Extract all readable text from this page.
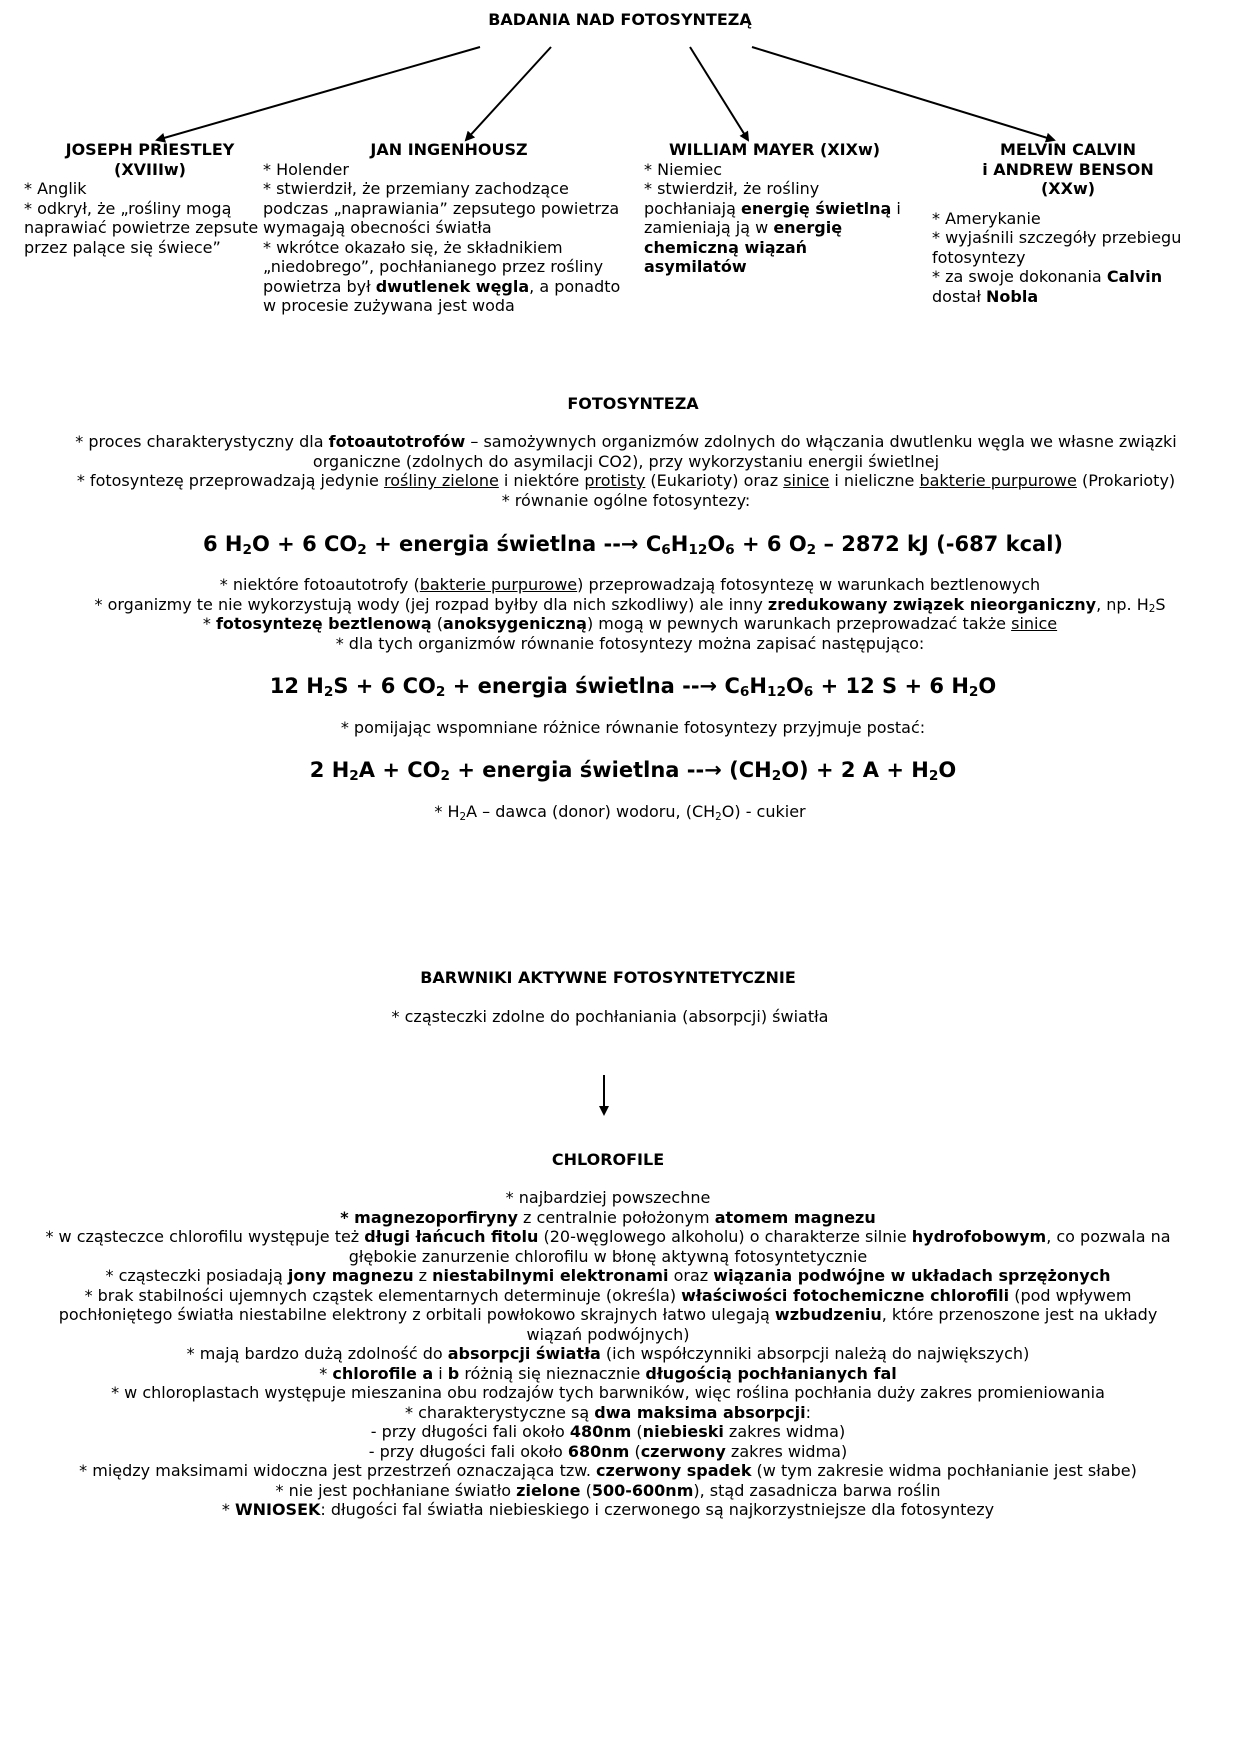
BADANIA NAD FOTOSYNTEZĄ
JOSEPH PRIESTLEY
(XVIIIw)
* Anglik
* odkrył, że „rośliny mogą
naprawiać powietrze zepsute
przez palące się świece”
JAN INGENHOUSZ
* Holender
* stwierdził, że przemiany zachodzące
podczas „naprawiania” zepsutego powietrza
wymagają obecności światła
* wkrótce okazało się, że składnikiem
„niedobrego”, pochłanianego przez rośliny
powietrza był dwutlenek węgla, a ponadto
w procesie zużywana jest woda
WILLIAM MAYER (XIXw)
* Niemiec
* stwierdził, że rośliny
pochłaniają energię świetlną i
zamieniają ją w energię
chemiczną wiązań
asymilatów
MELVIN CALVIN
i ANDREW BENSON
(XXw)
* Amerykanie
* wyjaśnili szczegóły przebiegu
fotosyntezy
* za swoje dokonania Calvin
dostał Nobla
FOTOSYNTEZA
* proces charakterystyczny dla fotoautotrofów – samożywnych organizmów zdolnych do włączania dwutlenku węgla we własne związki
organiczne (zdolnych do asymilacji CO2), przy wykorzystaniu energii świetlnej
* fotosyntezę przeprowadzają jedynie rośliny zielone i niektóre protisty (Eukarioty) oraz sinice i nieliczne bakterie purpurowe (Prokarioty)
* równanie ogólne fotosyntezy:
6 $H_2O + 6$ $CO_2$ + energia świetlna --→ $C_6H_{12}O_6 + 6$ $O_2 - 2872$ kJ (-687 kcal)
* niektóre fotoautotrofy (bakterie purpurowe) przeprowadzają fotosyntezę w warunkach beztlenowych
* organizmy te nie wykorzystują wody (jej rozpad byłby dla nich szkodliwy) ale inny zredukowany związek nieorganiczny, np. $H_2S$
* fotosyntezę beztlenową (anoksygeniczną) mogą w pewnych warunkach przeprowadzać także sinice
* dla tych organizmów równanie fotosyntezy można zapisać następująco:
12 $H_2S + 6$ $CO_2$ + energia świetlna --→ $C_6H_{12}O_6 + 12$ S + 6 $H_2O$
* pomijając wspomniane różnice równanie fotosyntezy przyjmuje postać:
2 $H_2A + CO_2$ + energia świetlna --→ $(CH_2O) + 2$ $A + H_2O$
* $H_2A$ – dawca (donor) wodoru, $(CH_2O)$ - cukier
BARWNIKI AKTYWNE FOTOSYNTETYCZNIE
* cząsteczki zdolne do pochłaniania (absorpcji) światła
CHLOROFILE
* najbardziej powszechne
* magnezoporfiryny z centralnie położonym atomem magnezu
* w cząsteczce chlorofilu występuje też długi łańcuch fitolu (20-węglowego alkoholu) o charakterze silnie hydrofobowym, co pozwala na
głębokie zanurzenie chlorofilu w błonę aktywną fotosyntetycznie
* cząsteczki posiadają jony magnezu z niestabilnymi elektronami oraz wiązania podwójne w układach sprzężonych
* brak stabilności ujemnych cząstek elementarnych determinuje (określa) właściwości fotochemiczne chlorofili (pod wpływem
pochłoniętego światła niestabilne elektrony z orbitali powłokowo skrajnych łatwo ulegają wzbudzeniu, które przenoszone jest na układy
wiązań podwójnych)
* mają bardzo dużą zdolność do absorpcji światła (ich współczynniki absorpcji należą do największych)
* chlorofile a i b różnią się nieznacznie długością pochłanianych fal
* w chloroplastach występuje mieszanina obu rodzajów tych barwników, więc roślina pochłania duży zakres promieniowania
* charakterystyczne są dwa maksima absorpcji:
- przy długości fali około 480nm (niebieski zakres widma)
- przy długości fali około 680nm (czerwony zakres widma)
* między maksimami widoczna jest przestrzeń oznaczająca tzw. czerwony spadek (w tym zakresie widma pochłanianie jest słabe)
* nie jest pochłaniane światło zielone (500-600nm), stąd zasadnicza barwa roślin
* WNIOSEK: długości fal światła niebieskiego i czerwonego są najkorzystniejsze dla fotosyntezy
